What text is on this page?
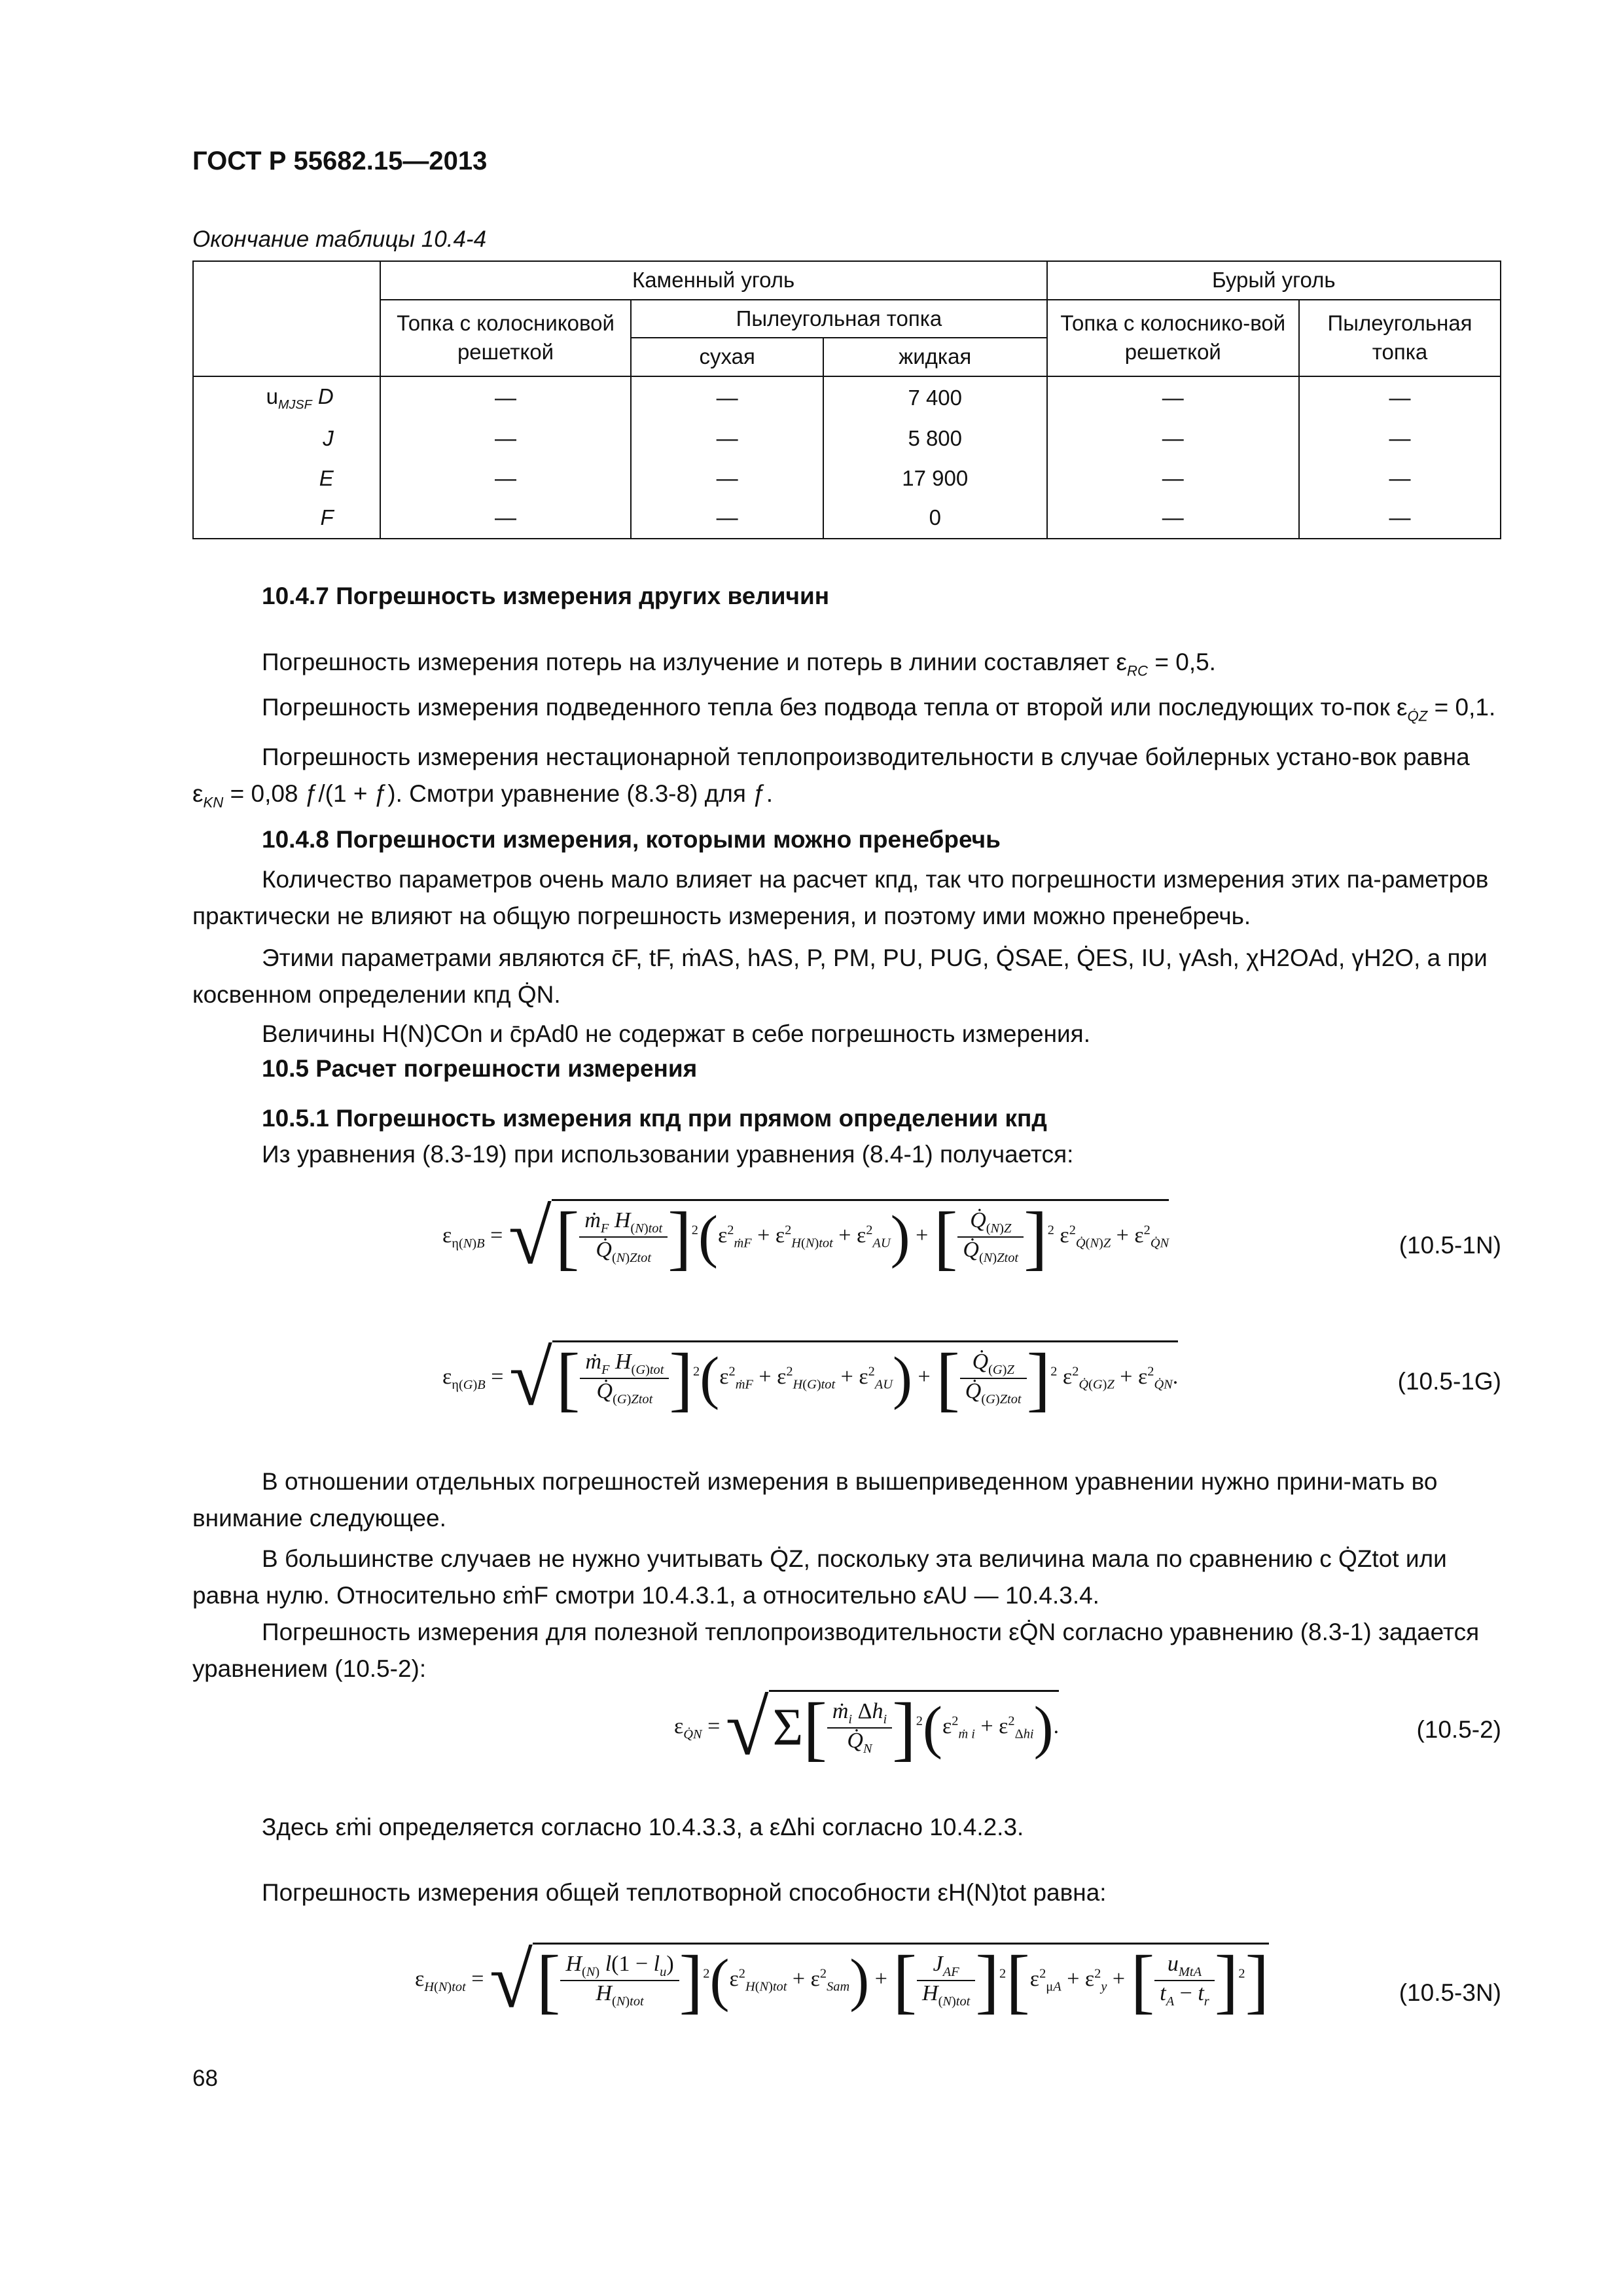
ГОСТ Р 55682.15—2013
Окончание таблицы 10.4-4
	Каменный уголь			Бурый уголь	
	Топка с колосниковой решеткой	Пылеугольная топка		Топка с колоснико-вой решеткой	Пылеугольная топка
		сухая	жидкая		
$u_{MJSF}$ D	—	—	7 400	—	—
J	—	—	5 800	—	—
E	—	—	17 900	—	—
F	—	—	0	—	—
10.4.7 Погрешность измерения других величин

Погрешность измерения потерь на излучение и потерь в линии составляет $\varepsilon_{RC} = 0,5$.

Погрешность измерения подведенного тепла без подвода тепла от второй или последующих то-пок $\varepsilon_{Q̇Z} = 0,1$.

Погрешность измерения нестационарной теплопроизводительности в случае бойлерных устано-вок равна $\varepsilon_{KN} = 0,08$ ƒ/(1 + ƒ). Смотри уравнение (8.3-8) для ƒ.

10.4.8 Погрешности измерения, которыми можно пренебречь

Количество параметров очень мало влияет на расчет кпд, так что погрешности измерения этих па-раметров практически не влияют на общую погрешность измерения, и поэтому ими можно пренебречь.

Этими параметрами являются c̄F, tF, ṁAS, hAS, P, PM, PU, PUG, Q̇SAE, Q̇ES, IU, γAsh, χH2OAd, γH2O, а при косвенном определении кпд Q̇N.

Величины H(N)COn и c̄pAd0 не содержат в себе погрешность измерения.

10.5 Расчет погрешности измерения
10.5.1 Погрешность измерения кпд при прямом определении кпд

Из уравнения (8.3-19) при использовании уравнения (8.4-1) получается:

$\varepsilon_{\eta(N)B}$ = √[ $\frac{ṁ_F H_{(N)tot}}{Q̇_{(N)Ztot}} ]^2(\varepsilon^2_{ṁF} + \varepsilon^2_{H(N)tot} + \varepsilon^2_{AU})$ + [ $\frac{Q̇_{(N)Z}}{Q̇_{(N)Ztot}} ]^2$ $\varepsilon^2_{Q̇(N)Z} + \varepsilon^2_{Q̇N}$	(10.5-1N)
$\varepsilon_{\eta(G)B}$ = √[ $\frac{ṁ_F H_{(G)tot}}{Q̇_{(G)Ztot}} ]^2(\varepsilon^2_{ṁF} + \varepsilon^2_{H(G)tot} + \varepsilon^2_{AU})$ + [ $\frac{Q̇_{(G)Z}}{Q̇_{(G)Ztot}} ]^2$ $\varepsilon^2_{Q̇(G)Z} + \varepsilon^2_{Q̇N}$.	(10.5-1G)

В отношении отдельных погрешностей измерения в вышеприведенном уравнении нужно прини-мать во внимание следующее.

В большинстве случаев не нужно учитывать Q̇Z, поскольку эта величина мала по сравнению с Q̇Ztot или равна нулю. Относительно εṁF смотри 10.4.3.1, а относительно εAU — 10.4.3.4.

Погрешность измерения для полезной теплопроизводительности εQ̇N согласно уравнению (8.3-1) задается уравнением (10.5-2):

$\varepsilon_{Q̇N} = √\Sigma[ \frac{ṁ_i \Delta h_i}{Q̇_N} ]^2(\varepsilon^2_{ṁ i} + \varepsilon^2_{\Delta hi})$.	(10.5-2)

Здесь εṁi определяется согласно 10.4.3.3, а εΔhi согласно 10.4.2.3.

Погрешность измерения общей теплотворной способности εH(N)tot равна:

$\varepsilon_{H(N)tot}$ = √[ $\frac{H_{(N)} l(1 - l_u)}{H_{(N)tot}} ]^2(\varepsilon^2_{H(N)tot} + \varepsilon^2_{Sam})$ + [ $\frac{J_{AF}}{H_{(N)tot}} ]^2[\varepsilon^2_{\mu A} + \varepsilon^2_y$ + [ $\frac{u_{MtA}}{t_A - t_r} ]^2$]	(10.5-3N)
68
